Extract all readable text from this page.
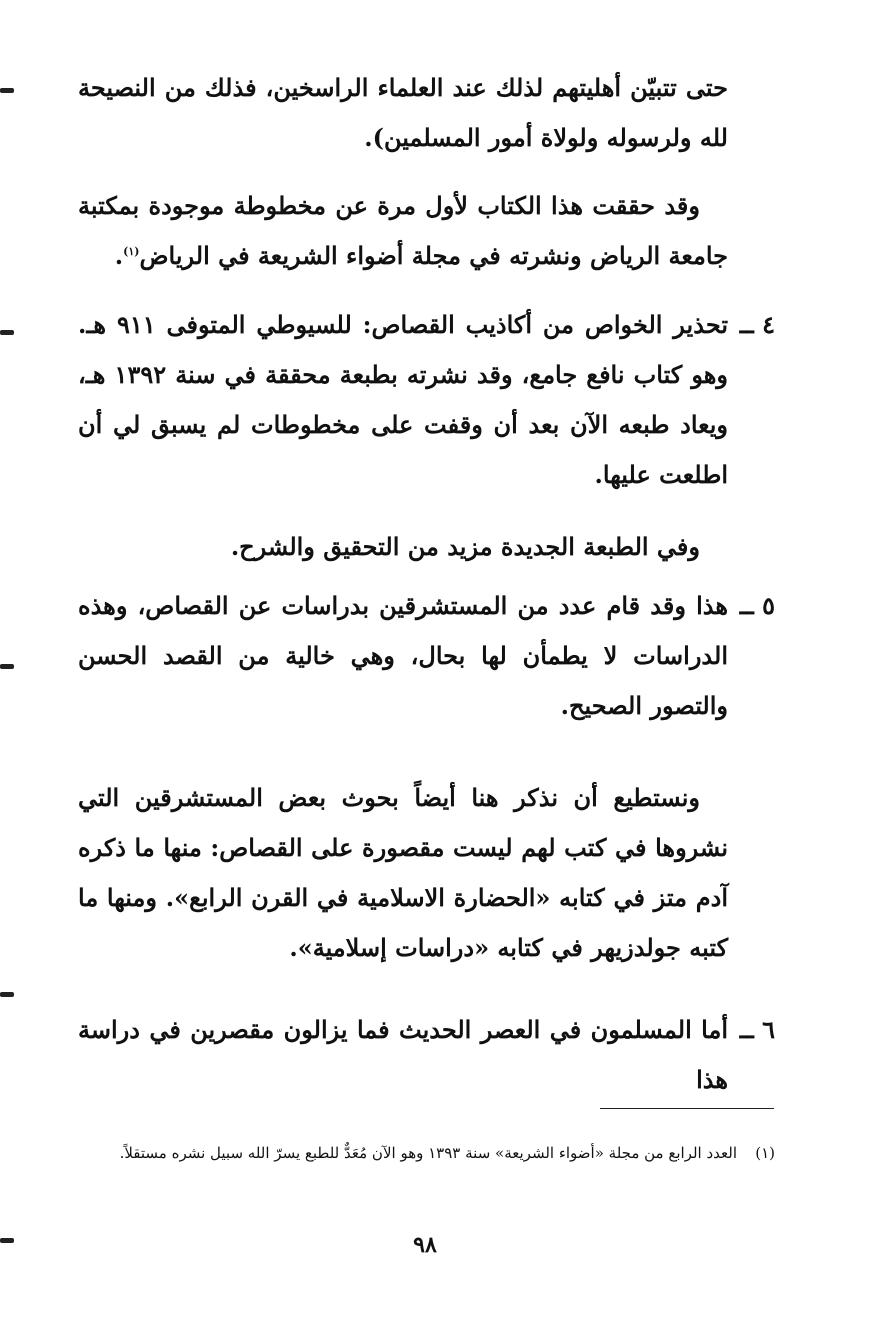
حتى تتبيّن أهليتهم لذلك عند العلماء الراسخين، فذلك من النصيحة لله ولرسوله ولولاة أمور المسلمين).

وقد حققت هذا الكتاب لأول مرة عن مخطوطة موجودة بمكتبة جامعة الرياض ونشرته في مجلة أضواء الشريعة في الرياض$^{(١)}$.

٤ ــ
تحذير الخواص من أكاذيب القصاص: للسيوطي المتوفى ٩١١ هـ. وهو كتاب نافع جامع، وقد نشرته بطبعة محققة في سنة ١٣٩٢ هـ، ويعاد طبعه الآن بعد أن وقفت على مخطوطات لم يسبق لي أن اطلعت عليها.

وفي الطبعة الجديدة مزيد من التحقيق والشرح.

٥ ــ
هذا وقد قام عدد من المستشرقين بدراسات عن القصاص، وهذه الدراسات لا يطمأن لها بحال، وهي خالية من القصد الحسن والتصور الصحيح.

ونستطيع أن نذكر هنا أيضاً بحوث بعض المستشرقين التي نشروها في كتب لهم ليست مقصورة على القصاص: منها ما ذكره آدم متز في كتابه «الحضارة الاسلامية في القرن الرابع». ومنها ما كتبه جولدزيهر في كتابه «دراسات إسلامية».

٦ ــ
أما المسلمون في العصر الحديث فما يزالون مقصرين في دراسة هذا
(١)
العدد الرابع من مجلة «أضواء الشريعة» سنة ١٣٩٣ وهو الآن مُعَدٌّ للطبع يسرّ الله سبيل نشره مستقلاً.
٩٨
